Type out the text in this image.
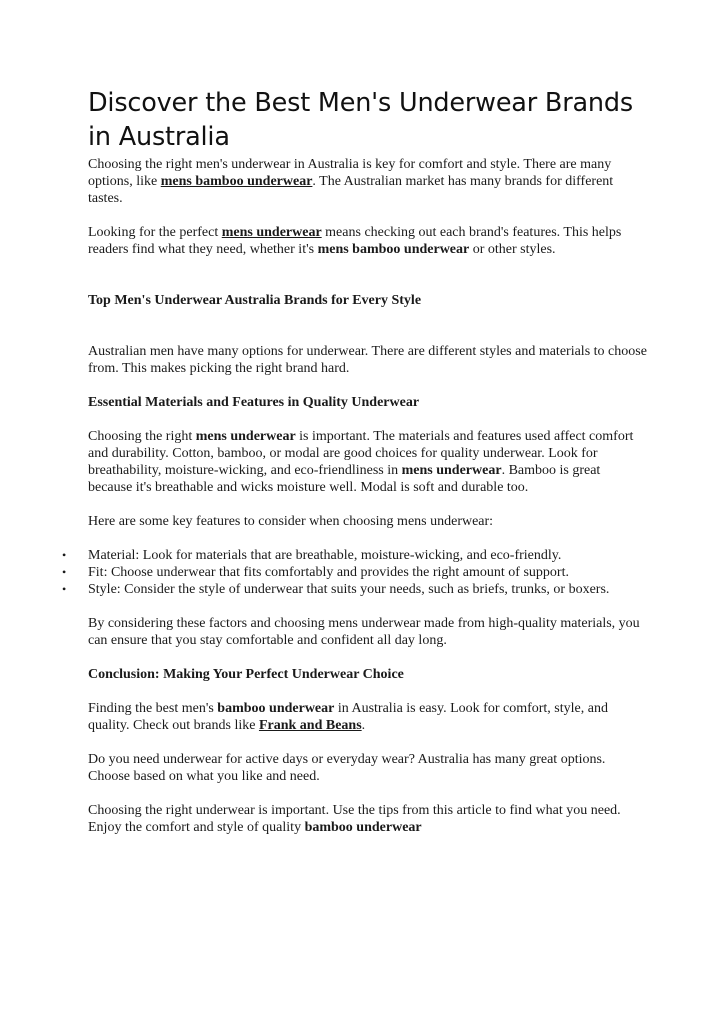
Discover the Best Men's Underwear Brands in Australia

Choosing the right men's underwear in Australia is key for comfort and style. There are many options, like mens bamboo underwear. The Australian market has many brands for different tastes.

Looking for the perfect mens underwear means checking out each brand's features. This helps readers find what they need, whether it's mens bamboo underwear or other styles.

Top Men's Underwear Australia Brands for Every Style

Australian men have many options for underwear. There are different styles and materials to choose from. This makes picking the right brand hard.

Essential Materials and Features in Quality Underwear

Choosing the right mens underwear is important. The materials and features used affect comfort and durability. Cotton, bamboo, or modal are good choices for quality underwear. Look for breathability, moisture-wicking, and eco-friendliness in mens underwear. Bamboo is great because it's breathable and wicks moisture well. Modal is soft and durable too.

Here are some key features to consider when choosing mens underwear:

• Material: Look for materials that are breathable, moisture-wicking, and eco-friendly.
• Fit: Choose underwear that fits comfortably and provides the right amount of support.
• Style: Consider the style of underwear that suits your needs, such as briefs, trunks, or boxers.

By considering these factors and choosing mens underwear made from high-quality materials, you can ensure that you stay comfortable and confident all day long.

Conclusion: Making Your Perfect Underwear Choice

Finding the best men's bamboo underwear in Australia is easy. Look for comfort, style, and quality. Check out brands like Frank and Beans.

Do you need underwear for active days or everyday wear? Australia has many great options. Choose based on what you like and need.

Choosing the right underwear is important. Use the tips from this article to find what you need. Enjoy the comfort and style of quality bamboo underwear
